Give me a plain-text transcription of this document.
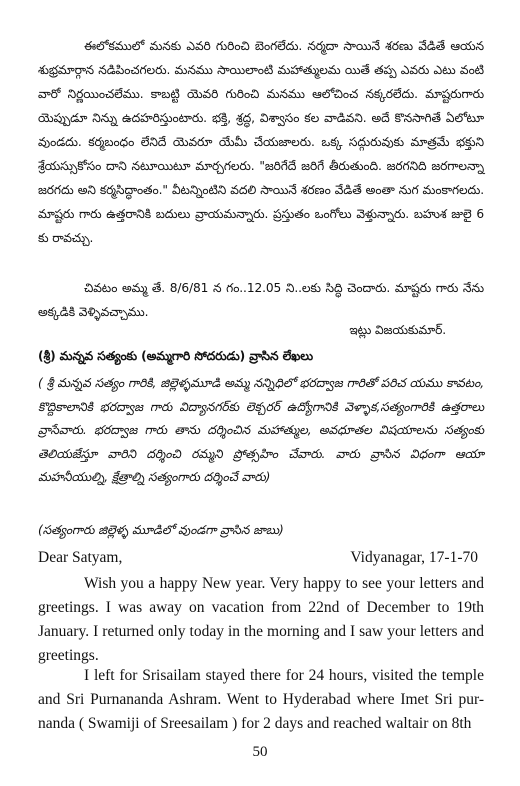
ఈలోకములో మనకు ఎవరి గురించి బెంగలేదు. నర్మదా సాయినే శరణు వేడితే ఆయన శుభ్రమార్గాన నడిపించగలరు. మనము సాయిలాంటి మహాత్ములమ యితే తప్ప ఎవరు ఎటు వంటి వారో నిర్ణయించలేము. కాబట్టి యెవరి గురించి మనము ఆలోచించ నక్కరలేదు. మాష్టరుగారు యెప్పుడూ నిన్ను ఉదహరిస్తుంటారు. భక్తి, శ్రద్ధ, విశ్వాసం కల వాడివని. అదే కొనసాగితే ఏలోటూ వుండదు. కర్మబంధం లేనిదే యెవరూ యేమీ చేయజాలరు. ఒక్క సద్గురువుకు మాత్రమే భక్తుని శ్రేయస్సుకోసం దాని నటూయిటూ మార్చగలరు. "జరిగేదే జరిగే తీరుతుంది. జరగనిది జరగాలన్నా జరగదు అని కర్మసిద్ధాంతం." వీటన్నింటిని వదలి సాయినే శరణం వేడితే అంతా నుగ మంకాగలదు. మాష్టరు గారు ఉత్తరానికి బదులు వ్రాయమన్నారు. ప్రస్తుతం ఒంగోలు వెళ్తున్నారు. బహుశ జులై 6 కు రావచ్చు.

చివటం అమ్మ తే. 8/6/81 న గం..12.05 ని..లకు సిద్ధి చెందారు. మాష్టరు గారు నేను అక్కడికి వెళ్ళివచ్చాము.

ఇట్లు విజయకుమార్.

(శ్రీ) మన్నవ సత్యంకు (అమ్మగారి సోదరుడు) వ్రాసిన లేఖలు

( శ్రీ మన్నవ సత్యం గారికి, జిల్లెళ్ళమూడి అమ్మ నన్నిధిలో భరద్వాజ గారితో పరిచ యము కావటం, కొద్దికాలానికి భరద్వాజ గారు విద్యానగర్‌కు లెక్చరర్ ఉద్యోగానికి వెళ్ళాక,సత్యంగారికి ఉత్తరాలు వ్రాసేవారు. భరద్వాజ గారు తాను దర్శించిన మహాత్ముల, అవధూతల విషయాలను సత్యంకు తెలియజేస్తూ వారిని దర్శించి రమ్మని ప్రోత్సహిం చేవారు. వారు వ్రాసిన విధంగా ఆయా మహనీయుల్ని, క్షేత్రాల్ని సత్యంగారు దర్శించే వారు)

(సత్యంగారు జిల్లెళ్ళ మూడిలో వుండగా వ్రాసిన జాబు)

Dear Satyam,	Vidyanagar, 17-1-70

Wish you a happy New year. Very happy to see your letters and greetings. I was away on vacation from 22nd of December to 19th January. I returned only today in the morning and I saw your letters and greetings.

I left for Srisailam stayed there for 24 hours, visited the temple and Sri Purnananda Ashram. Went to Hyderabad where Imet Sri pur-nanda ( Swamiji of Sreesailam ) for 2 days and reached waltair on 8th

50
